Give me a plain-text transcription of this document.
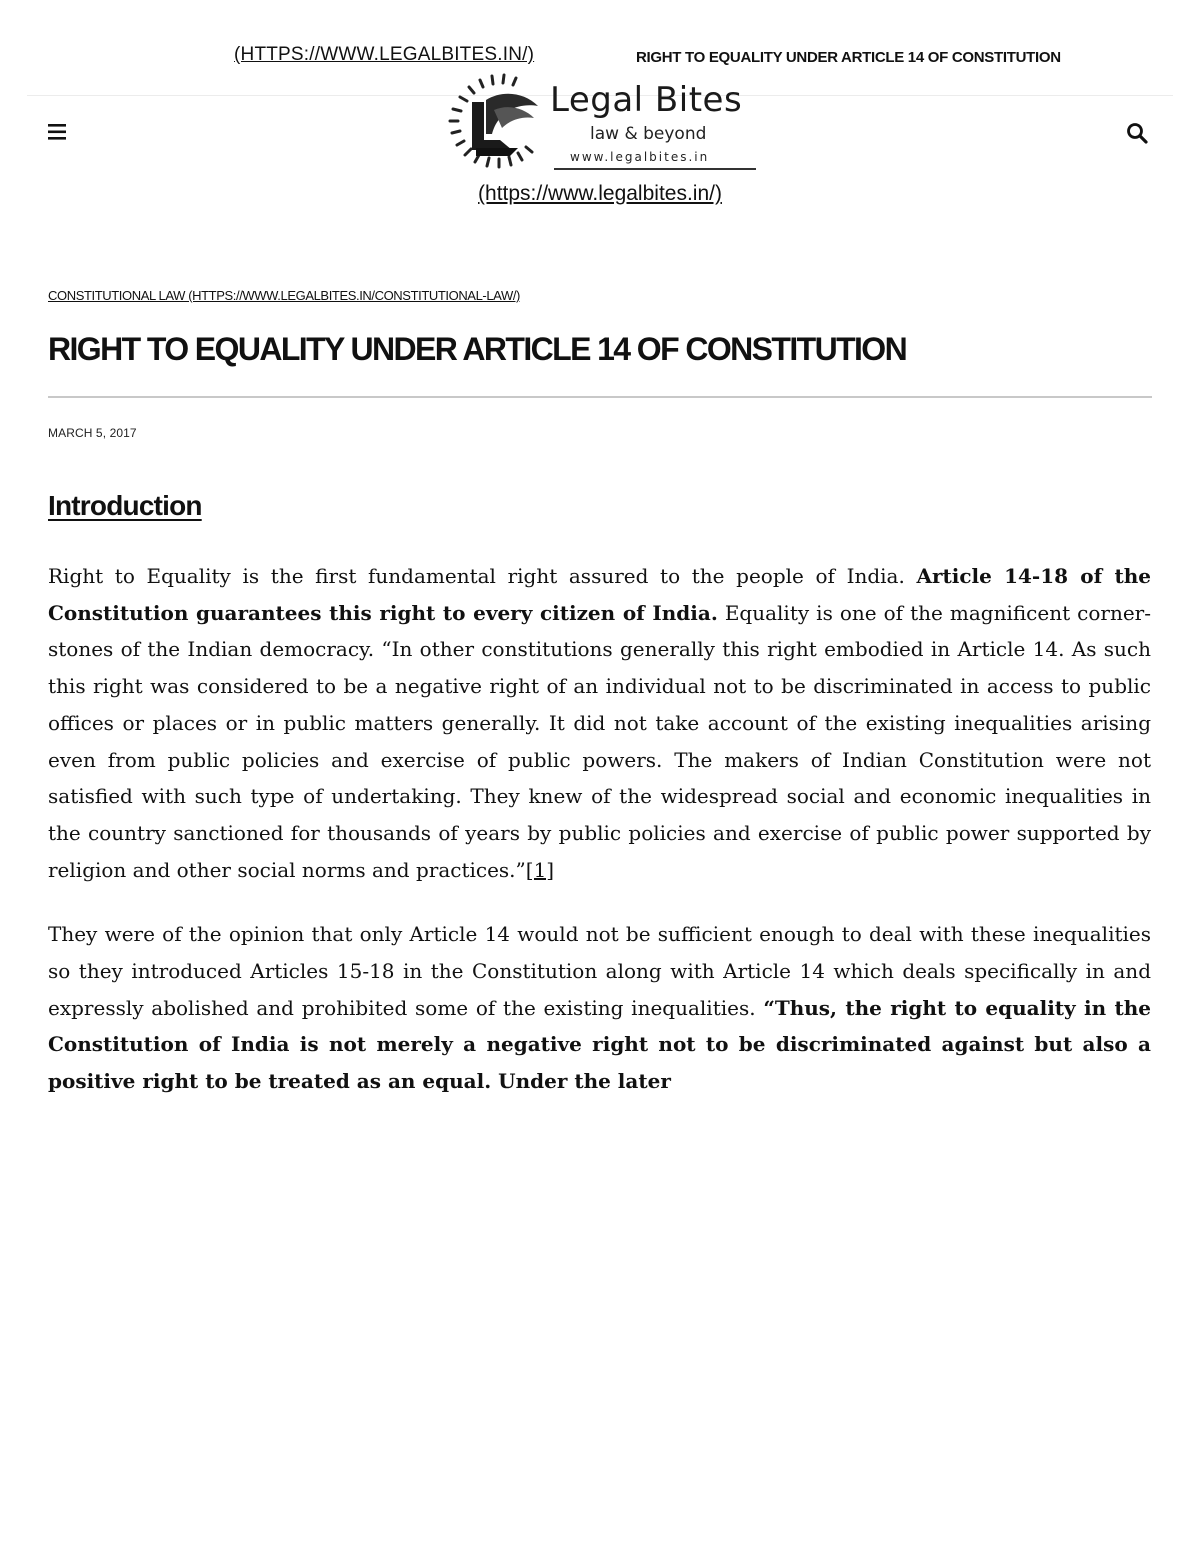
(HTTPS://WWW.LEGALBITES.IN/)	RIGHT TO EQUALITY UNDER ARTICLE 14 OF CONSTITUTION
Legal Bites
law & beyond
www.legalbites.in
(https://www.legalbites.in/)
CONSTITUTIONAL LAW (HTTPS://WWW.LEGALBITES.IN/CONSTITUTIONAL-LAW/)
RIGHT TO EQUALITY UNDER ARTICLE 14 OF CONSTITUTION
MARCH 5, 2017
Introduction

Right to Equality is the first fundamental right assured to the people of India. Article 14-18 of the Constitution guarantees this right to every citizen of India. Equality is one of the magnificent corner-stones of the Indian democracy. “In other constitutions generally this right embodied in Article 14. As such this right was considered to be a negative right of an individual not to be discriminated in access to public offices or places or in public matters generally. It did not take account of the existing inequalities arising even from public policies and exercise of public powers. The makers of Indian Constitution were not satisfied with such type of undertaking. They knew of the widespread social and economic inequalities in the country sanctioned for thousands of years by public policies and exercise of public power supported by religion and other social norms and practices.”[1]

They were of the opinion that only Article 14 would not be sufficient enough to deal with these inequalities so they introduced Articles 15-18 in the Constitution along with Article 14 which deals specifically in and expressly abolished and prohibited some of the existing inequalities. “Thus, the right to equality in the Constitution of India is not merely a negative right not to be discriminated against but also a positive right to be treated as an equal. Under the later
